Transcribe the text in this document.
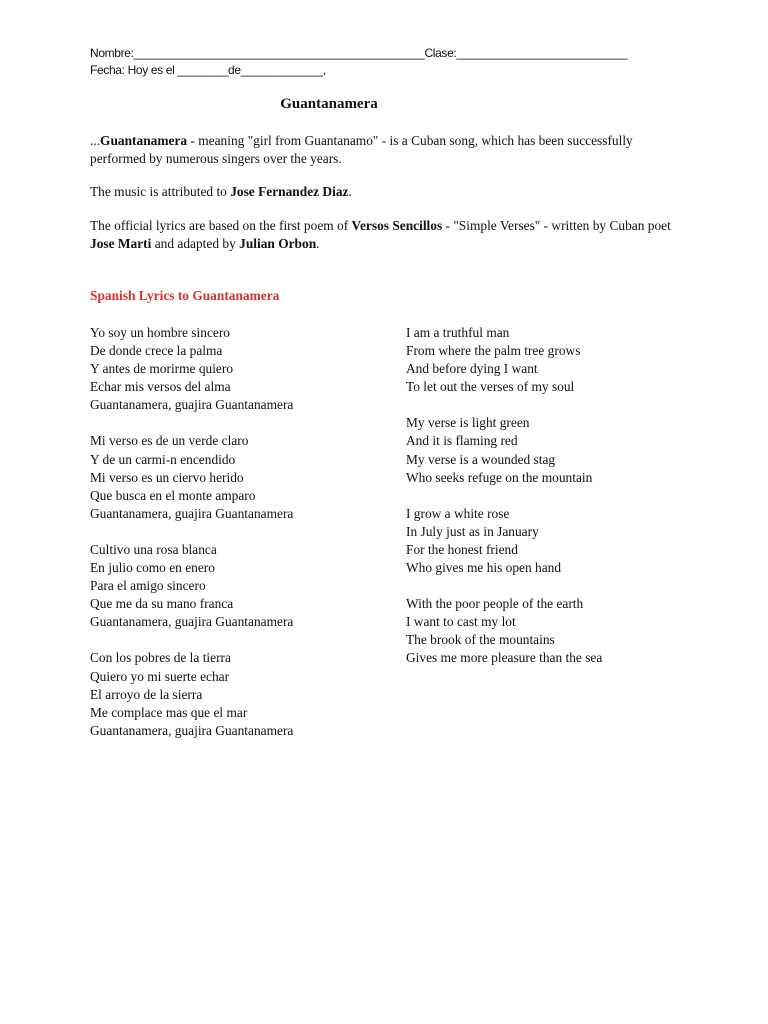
Nombre:______________________________________________Clase:___________________________
Fecha: Hoy es el ________de_____________,
Guantanamera
...Guantanamera - meaning "girl from Guantanamo" - is a Cuban song, which has been successfully performed by numerous singers over the years.
The music is attributed to Jose Fernandez Diaz.
The official lyrics are based on the first poem of Versos Sencillos - "Simple Verses" - written by Cuban poet Jose Marti and adapted by Julian Orbon.
Spanish Lyrics to Guantanamera
Yo soy un hombre sincero
De donde crece la palma
Y antes de morirme quiero
Echar mis versos del alma
Guantanamera, guajira Guantanamera
Mi verso es de un verde claro
Y de un carmi-n encendido
Mi verso es un ciervo herido
Que busca en el monte amparo
Guantanamera, guajira Guantanamera
Cultivo una rosa blanca
En julio como en enero
Para el amigo sincero
Que me da su mano franca
Guantanamera, guajira Guantanamera
Con los pobres de la tierra
Quiero yo mi suerte echar
El arroyo de la sierra
Me complace mas que el mar
Guantanamera, guajira Guantanamera
I am a truthful man
From where the palm tree grows
And before dying I want
To let out the verses of my soul
My verse is light green
And it is flaming red
My verse is a wounded stag
Who seeks refuge on the mountain
I grow a white rose
In July just as in January
For the honest friend
Who gives me his open hand
With the poor people of the earth
I want to cast my lot
The brook of the mountains
Gives me more pleasure than the sea
